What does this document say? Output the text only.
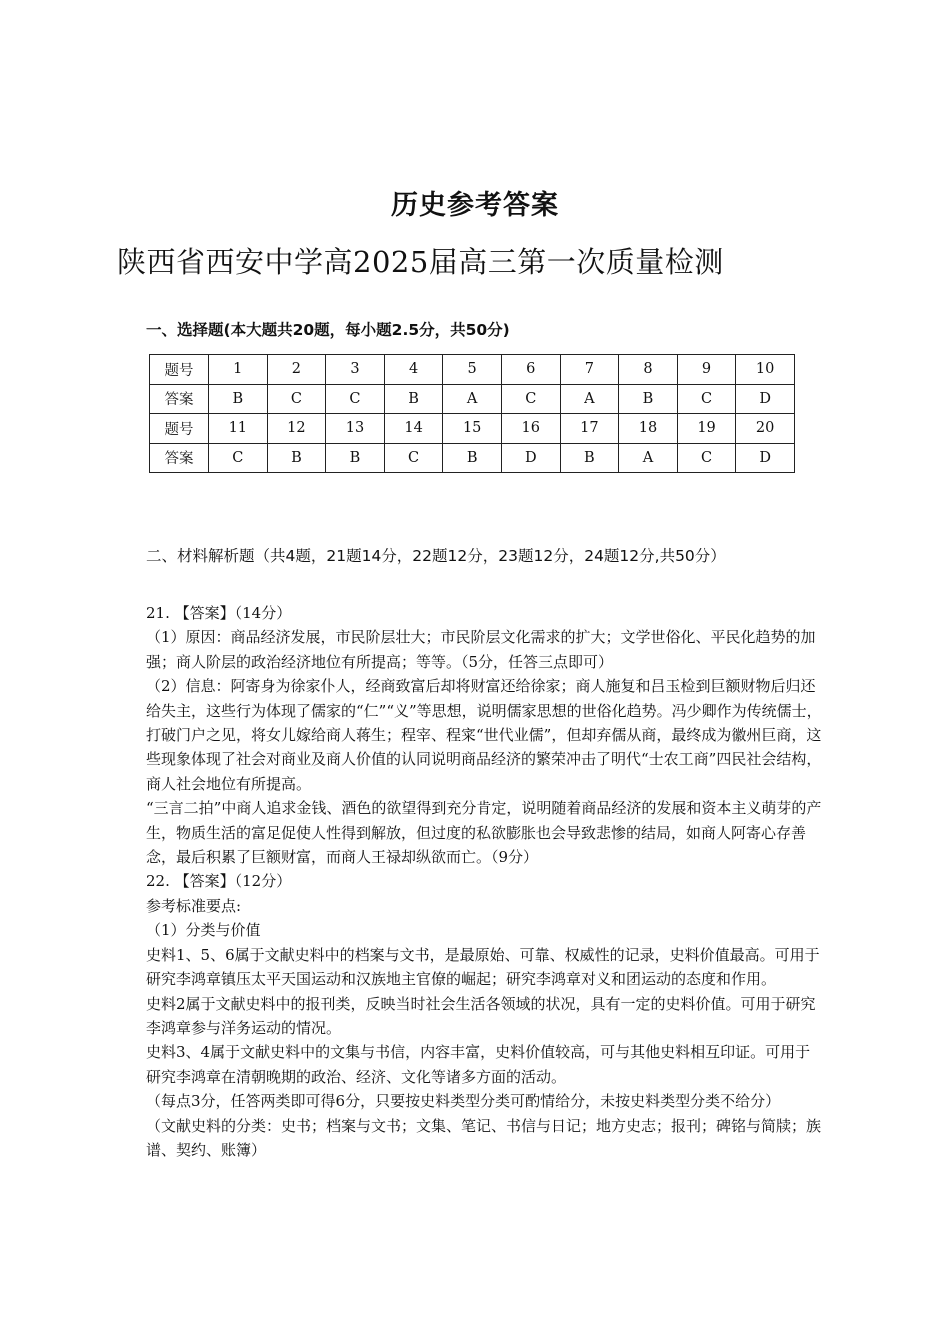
历史参考答案
陕西省西安中学高2025届高三第一次质量检测
一、选择题(本大题共20题，每小题2.5分，共50分)
题号	1	2	3	4	5	6	7	8	9	10
答案	B	C	C	B	A	C	A	B	C	D
题号	11	12	13	14	15	16	17	18	19	20
答案	C	B	B	C	B	D	B	A	C	D
二、材料解析题（共4题，21题14分，22题12分，23题12分，24题12分,共50分）

21. 【答案】（14分）

（1）原因：商品经济发展，市民阶层壮大；市民阶层文化需求的扩大；文学世俗化、平民化趋势的加强；商人阶层的政治经济地位有所提高；等等。（5分，任答三点即可）

（2）信息：阿寄身为徐家仆人，经商致富后却将财富还给徐家；商人施复和吕玉检到巨额财物后归还给失主，这些行为体现了儒家的“仁”“义”等思想，说明儒家思想的世俗化趋势。冯少卿作为传统儒士，打破门户之见，将女儿嫁给商人蒋生；程宰、程寀“世代业儒”，但却弃儒从商，最终成为徽州巨商，这些现象体现了社会对商业及商人价值的认同说明商品经济的繁荣冲击了明代“士农工商”四民社会结构，商人社会地位有所提高。

“三言二拍”中商人追求金钱、酒色的欲望得到充分肯定，说明随着商品经济的发展和资本主义萌芽的产生，物质生活的富足促使人性得到解放，但过度的私欲膨胀也会导致悲惨的结局，如商人阿寄心存善念，最后积累了巨额财富，而商人王禄却纵欲而亡。（9分）

22. 【答案】（12分）

参考标准要点:

（1）分类与价值

史料1、5、6属于文献史料中的档案与文书，是最原始、可靠、权威性的记录，史料价值最高。可用于研究李鸿章镇压太平天国运动和汉族地主官僚的崛起；研究李鸿章对义和团运动的态度和作用。

史料2属于文献史料中的报刊类，反映当时社会生活各领域的状况，具有一定的史料价值。可用于研究李鸿章参与洋务运动的情况。

史料3、4属于文献史料中的文集与书信，内容丰富，史料价值较高，可与其他史料相互印证。可用于研究李鸿章在清朝晚期的政治、经济、文化等诸多方面的活动。

（每点3分，任答两类即可得6分，只要按史料类型分类可酌情给分，未按史料类型分类不给分）

（文献史料的分类：史书；档案与文书；文集、笔记、书信与日记；地方史志；报刊；碑铭与简牍；族谱、契约、账簿）
